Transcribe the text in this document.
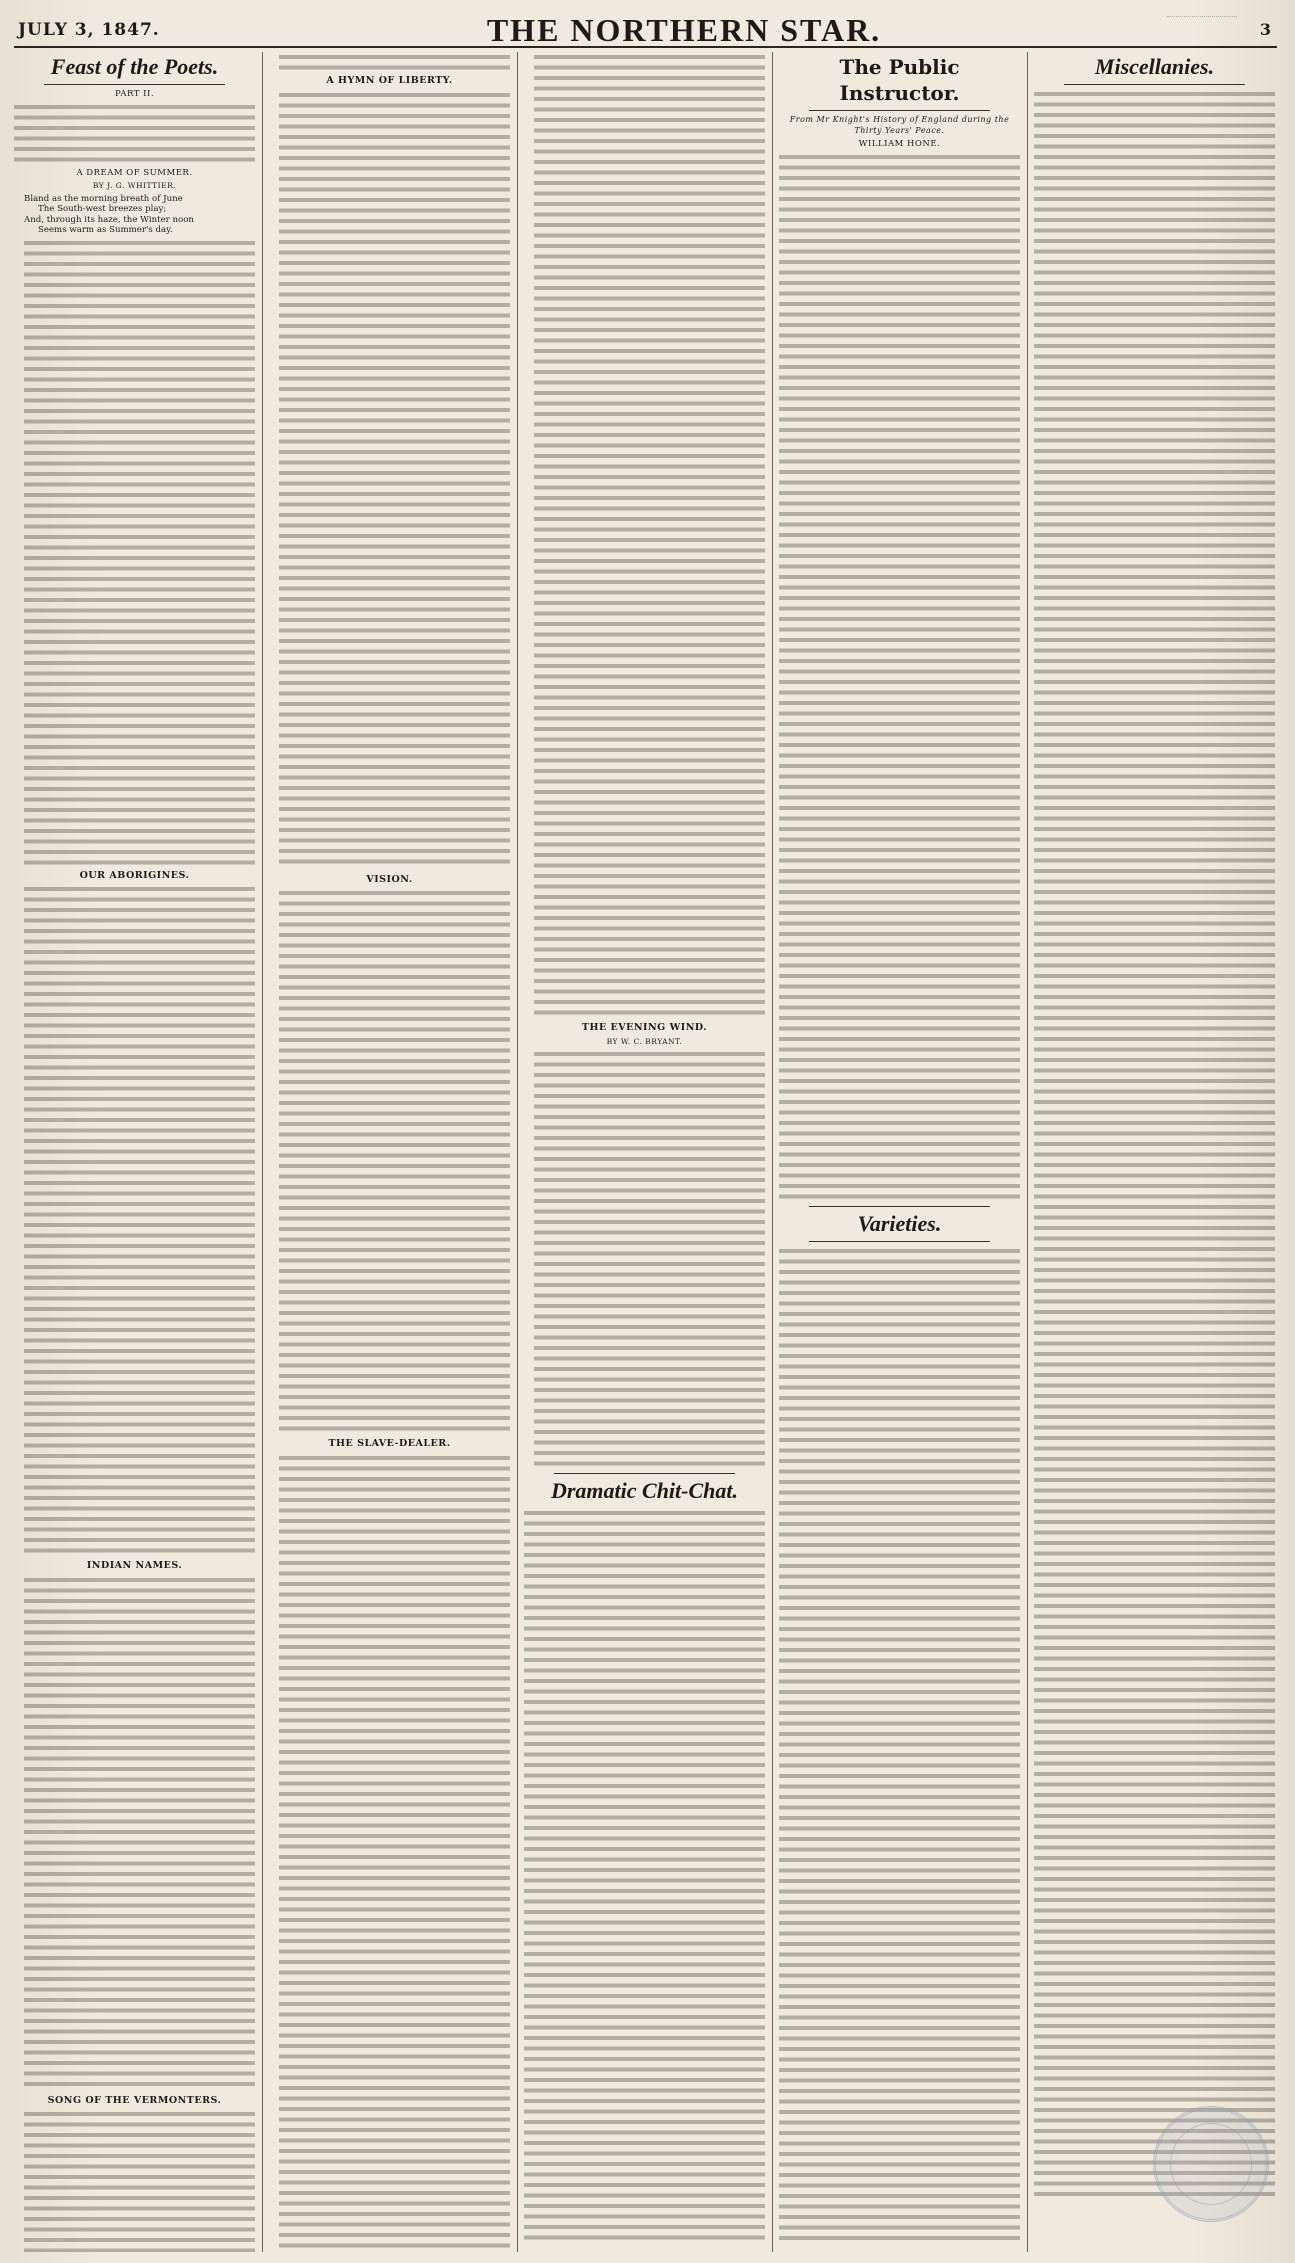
JULY 3, 1847.	THE NORTHERN STAR.	3
Feast of the Poets.
PART II.
A DREAM OF SUMMER.
BY J. G. WHITTIER.
Bland as the morning breath of June
The South-west breezes play;
And, through its haze, the Winter noon
Seems warm as Summer's day.
OUR ABORIGINES.
INDIAN NAMES.
SONG OF THE VERMONTERS.
A HYMN OF LIBERTY.
VISION.
THE SLAVE-DEALER.
THE EVENING WIND.
BY W. C. BRYANT.
Dramatic Chit-Chat.
The Public Instructor.
From Mr Knight's History of England during the Thirty Years' Peace.
WILLIAM HONE.
Varieties.
Miscellanies.
